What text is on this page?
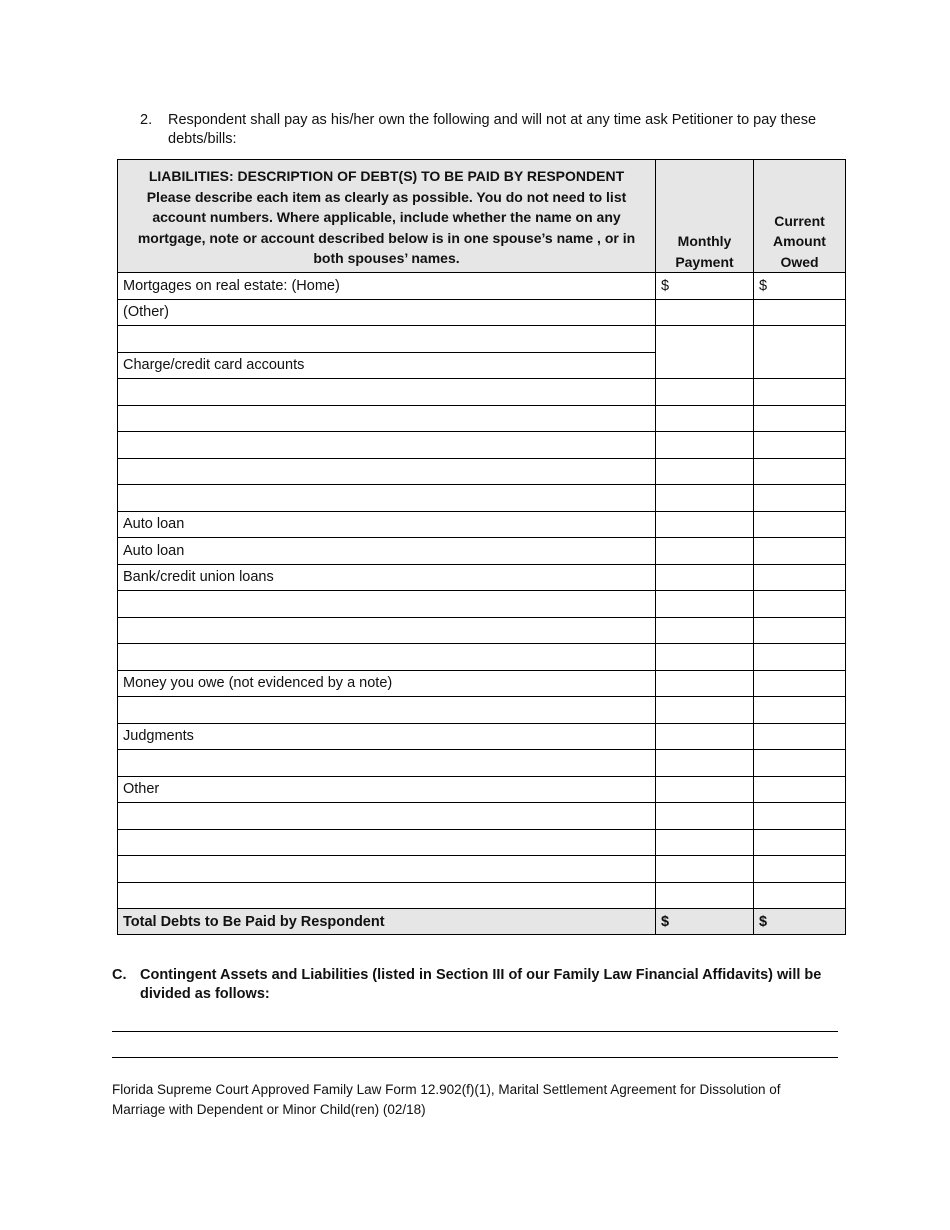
2. Respondent shall pay as his/her own the following and will not at any time ask Petitioner to pay these debts/bills:
LIABILITIES: DESCRIPTION OF DEBT(S) TO BE PAID BY RESPONDENT
Please describe each item as clearly as possible. You do not need to list account numbers. Where applicable, include whether the name on any mortgage, note or account described below is in one spouse’s name , or in both spouses’ names.	Monthly Payment	Current Amount Owed
Mortgages on real estate: (Home)	$	$
(Other)		

Charge/credit card accounts		

Auto loan		
Auto loan		
Bank/credit union loans		

Money you owe (not evidenced by a note)		

Judgments		

Other		

Total Debts to Be Paid by Respondent	$	$
C. Contingent Assets and Liabilities (listed in Section III of our Family Law Financial Affidavits) will be divided as follows:
Florida Supreme Court Approved Family Law Form 12.902(f)(1), Marital Settlement Agreement for Dissolution of Marriage with Dependent or Minor Child(ren) (02/18)
